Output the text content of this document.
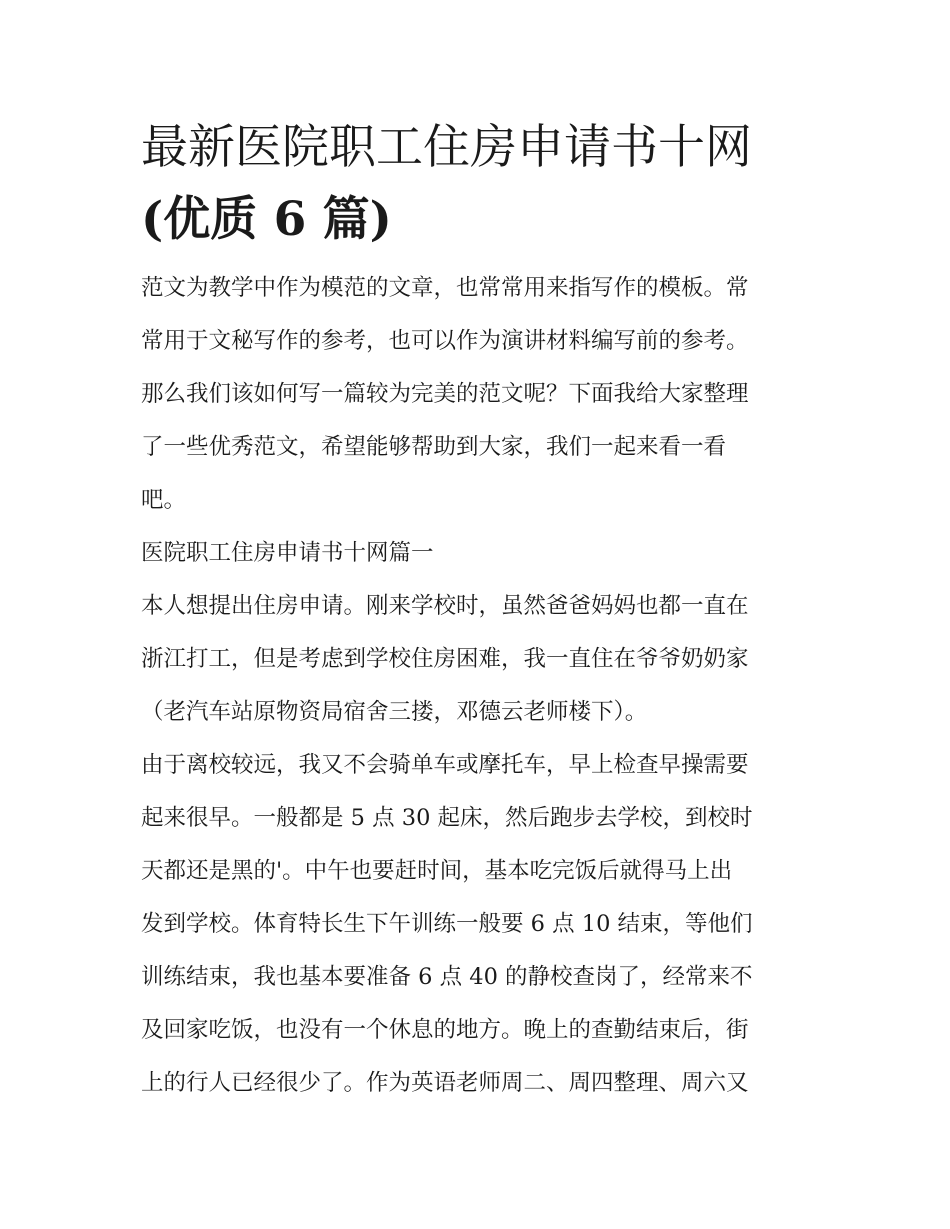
最新医院职工住房申请书十网
(优质 6 篇)
范文为教学中作为模范的文章，也常常用来指写作的模板。常
常用于文秘写作的参考，也可以作为演讲材料编写前的参考。
那么我们该如何写一篇较为完美的范文呢？下面我给大家整理
了一些优秀范文，希望能够帮助到大家，我们一起来看一看
吧。
医院职工住房申请书十网篇一
本人想提出住房申请。刚来学校时，虽然爸爸妈妈也都一直在
浙江打工，但是考虑到学校住房困难，我一直住在爷爷奶奶家
（老汽车站原物资局宿舍三搂，邓德云老师楼下）。
由于离校较远，我又不会骑单车或摩托车，早上检查早操需要
起来很早。一般都是 5 点 30 起床，然后跑步去学校，到校时
天都还是黑的'。中午也要赶时间，基本吃完饭后就得马上出
发到学校。体育特长生下午训练一般要 6 点 10 结束，等他们
训练结束，我也基本要准备 6 点 40 的静校查岗了，经常来不
及回家吃饭，也没有一个休息的地方。晚上的查勤结束后，街
上的行人已经很少了。作为英语老师周二、周四整理、周六又
